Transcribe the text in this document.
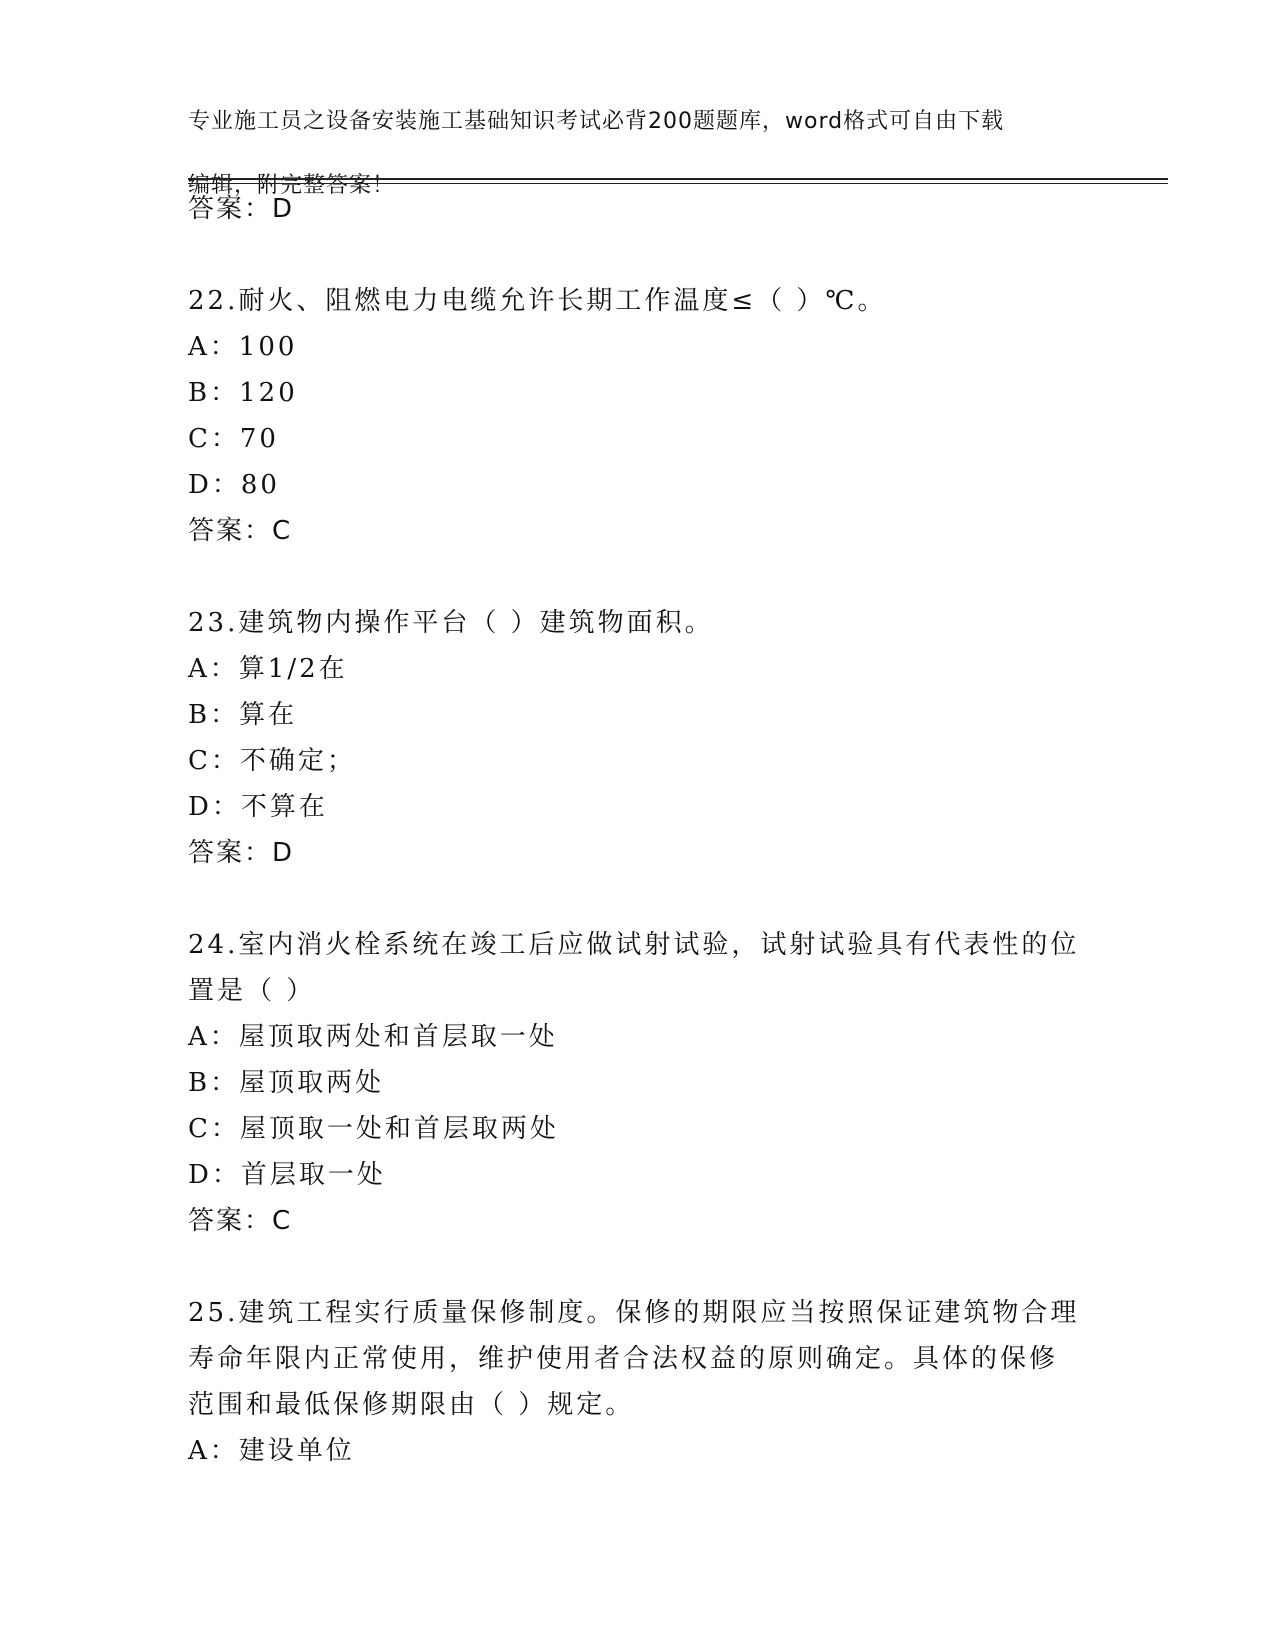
专业施工员之设备安装施工基础知识考试必背200题题库，word格式可自由下载

编辑，附完整答案！

答案：D

22.耐火、阻燃电力电缆允许长期工作温度≤（ ）℃。

A：100

B：120

C：70

D：80

答案：C

23.建筑物内操作平台（ ）建筑物面积。

A：算1/2在

B：算在

C：不确定；

D：不算在

答案：D

24.室内消火栓系统在竣工后应做试射试验，试射试验具有代表性的位

置是（ ）

A：屋顶取两处和首层取一处

B：屋顶取两处

C：屋顶取一处和首层取两处

D：首层取一处

答案：C

25.建筑工程实行质量保修制度。保修的期限应当按照保证建筑物合理

寿命年限内正常使用，维护使用者合法权益的原则确定。具体的保修

范围和最低保修期限由（ ）规定。

A：建设单位
